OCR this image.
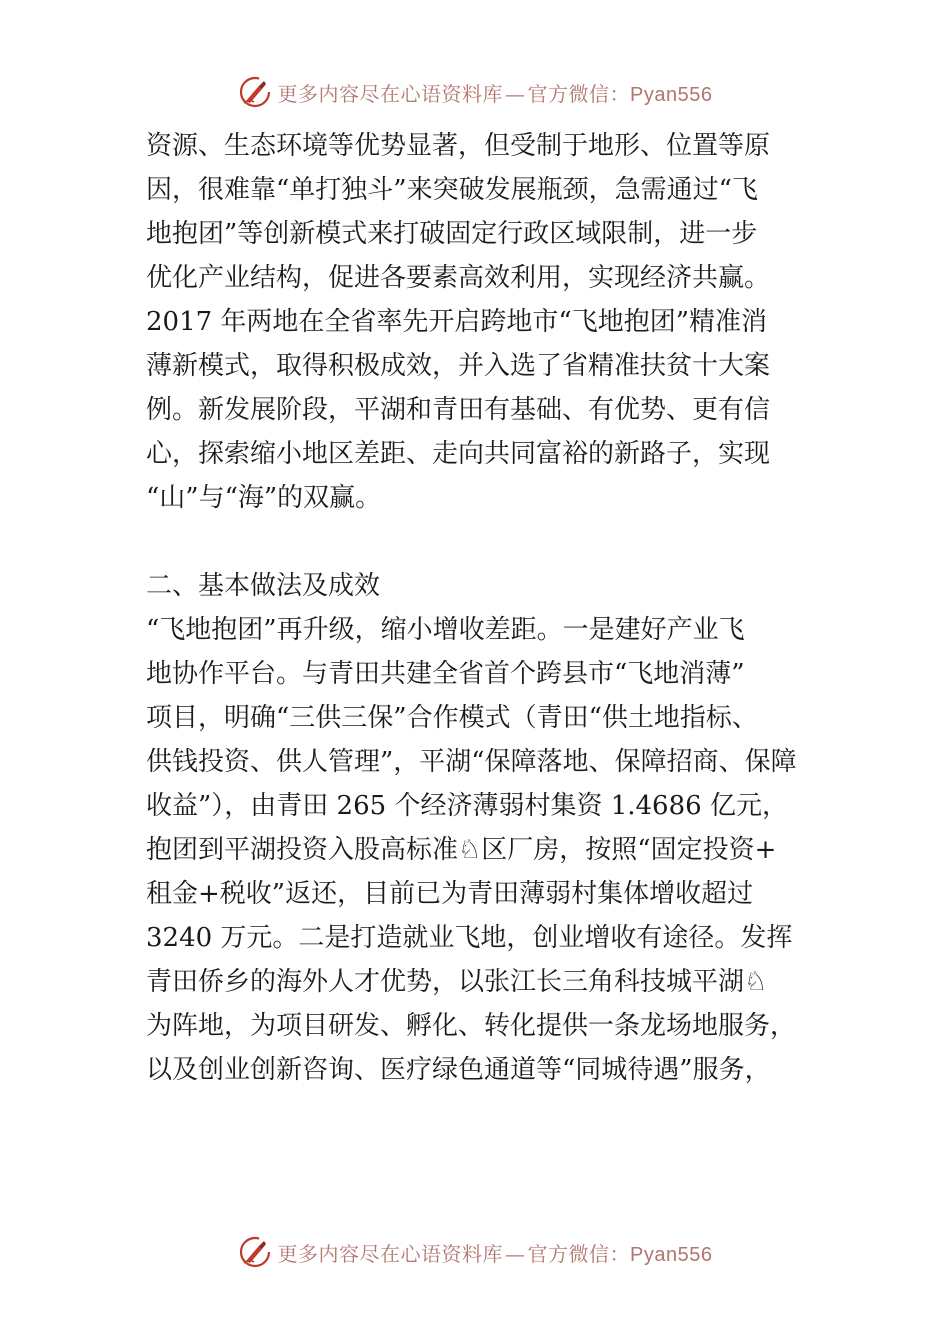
更多内容尽在心语资料库 — 官方微信：Pyan556
资源、生态环境等优势显著，但受制于地形、位置等原
因，很难靠“单打独斗”来突破发展瓶颈，急需通过“飞
地抱团”等创新模式来打破固定行政区域限制，进一步
优化产业结构，促进各要素高效利用，实现经济共赢。
2017 年两地在全省率先开启跨地市“飞地抱团”精准消
薄新模式，取得积极成效，并入选了省精准扶贫十大案
例。新发展阶段，平湖和青田有基础、有优势、更有信
心，探索缩小地区差距、走向共同富裕的新路子，实现
“山”与“海”的双赢。
二、基本做法及成效
“飞地抱团”再升级，缩小增收差距。一是建好产业飞
地协作平台。与青田共建全省首个跨县市“飞地消薄”
项目，明确“三供三保”合作模式（青田“供土地指标、
供钱投资、供人管理”，平湖“保障落地、保障招商、保障
收益”），由青田 265 个经济薄弱村集资 1.4686 亿元，
抱团到平湖投资入股高标准♘区厂房，按照“固定投资+
租金+税收”返还，目前已为青田薄弱村集体增收超过
3240 万元。二是打造就业飞地，创业增收有途径。发挥
青田侨乡的海外人才优势，以张江长三角科技城平湖♘
为阵地，为项目研发、孵化、转化提供一条龙场地服务，
以及创业创新咨询、医疗绿色通道等“同城待遇”服务，
更多内容尽在心语资料库 — 官方微信：Pyan556
